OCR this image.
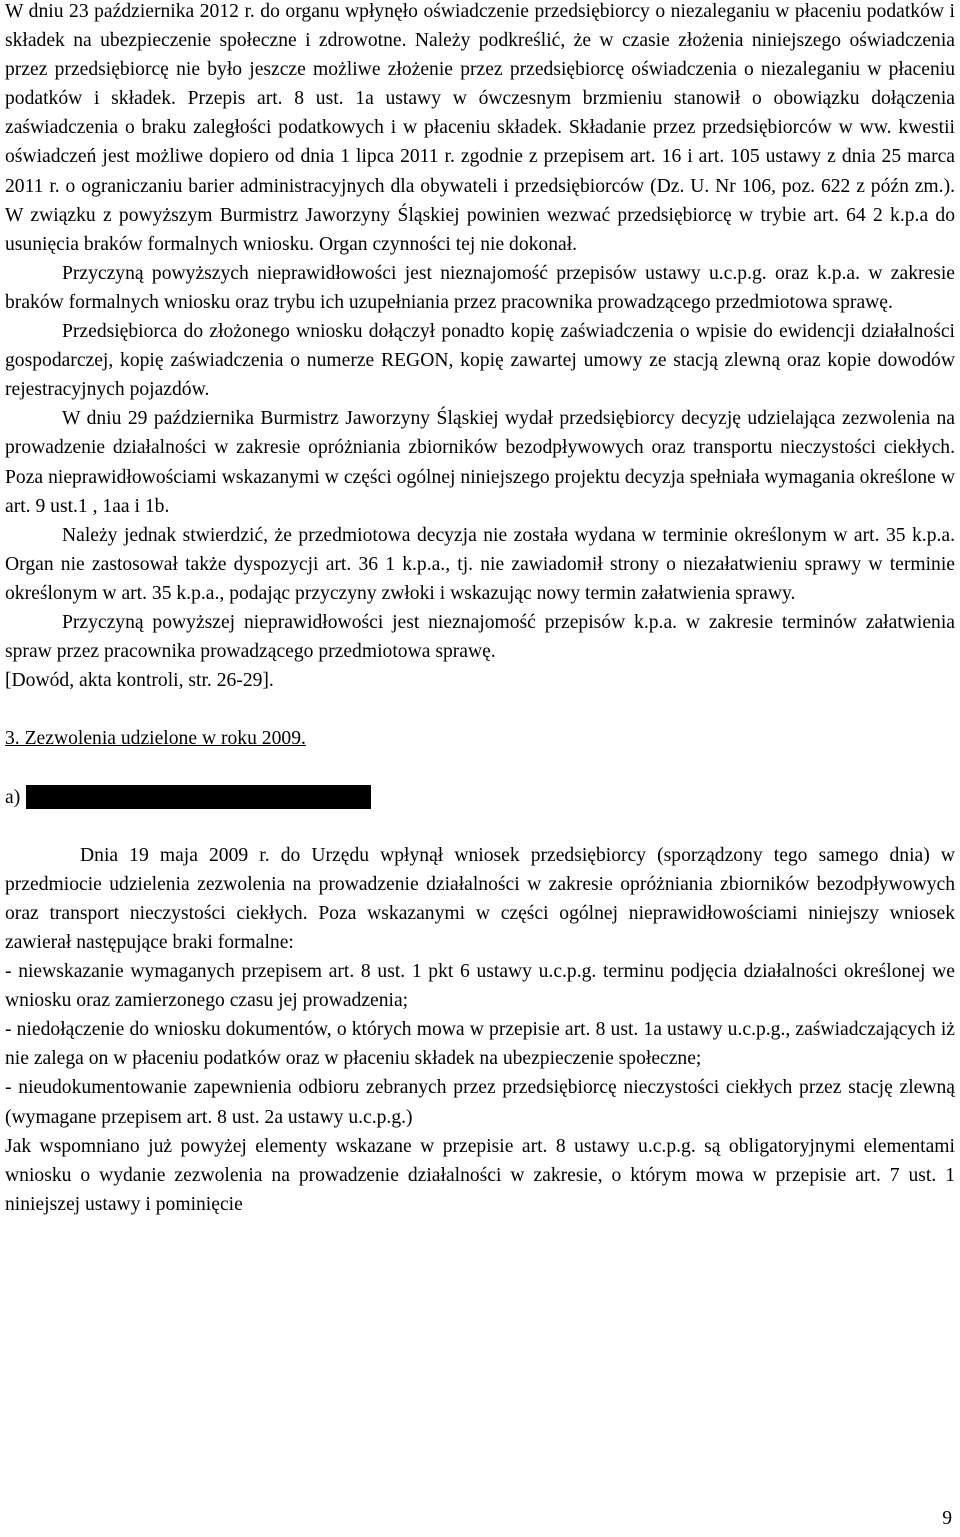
W dniu 23 października 2012 r. do organu wpłynęło oświadczenie przedsiębiorcy o niezaleganiu w płaceniu podatków i składek na ubezpieczenie społeczne i zdrowotne. Należy podkreślić, że w czasie złożenia niniejszego oświadczenia przez przedsiębiorcę nie było jeszcze możliwe złożenie przez przedsiębiorcę oświadczenia o niezaleganiu w płaceniu podatków i składek. Przepis art. 8 ust. 1a ustawy w ówczesnym brzmieniu stanowił o obowiązku dołączenia zaświadczenia o braku zaległości podatkowych i w płaceniu składek. Składanie przez przedsiębiorców w ww. kwestii oświadczeń jest możliwe dopiero od dnia 1 lipca 2011 r. zgodnie z przepisem art. 16 i art. 105 ustawy z dnia 25 marca 2011 r. o ograniczaniu barier administracyjnych dla obywateli i przedsiębiorców (Dz. U. Nr 106, poz. 622 z późn zm.). W związku z powyższym Burmistrz Jaworzyny Śląskiej powinien wezwać przedsiębiorcę w trybie art. 64 2 k.p.a do usunięcia braków formalnych wniosku. Organ czynności tej nie dokonał.

Przyczyną powyższych nieprawidłowości jest nieznajomość przepisów ustawy u.c.p.g. oraz k.p.a. w zakresie braków formalnych wniosku oraz trybu ich uzupełniania przez pracownika prowadzącego przedmiotowa sprawę.

Przedsiębiorca do złożonego wniosku dołączył ponadto kopię zaświadczenia o wpisie do ewidencji działalności gospodarczej, kopię zaświadczenia o numerze REGON, kopię zawartej umowy ze stacją zlewną oraz kopie dowodów rejestracyjnych pojazdów.

W dniu 29 października Burmistrz Jaworzyny Śląskiej wydał przedsiębiorcy decyzję udzielająca zezwolenia na prowadzenie działalności w zakresie opróżniania zbiorników bezodpływowych oraz transportu nieczystości ciekłych. Poza nieprawidłowościami wskazanymi w części ogólnej niniejszego projektu decyzja spełniała wymagania określone w art. 9 ust.1 , 1aa i 1b.

Należy jednak stwierdzić, że przedmiotowa decyzja nie została wydana w terminie określonym w art. 35 k.p.a. Organ nie zastosował także dyspozycji art. 36 1 k.p.a., tj. nie zawiadomił strony o niezałatwieniu sprawy w terminie określonym w art. 35 k.p.a., podając przyczyny zwłoki i wskazując nowy termin załatwienia sprawy.

Przyczyną powyższej nieprawidłowości jest nieznajomość przepisów k.p.a. w zakresie terminów załatwienia spraw przez pracownika prowadzącego przedmiotowa sprawę.

[Dowód, akta kontroli, str. 26-29].

3. Zezwolenia udzielone w roku 2009.

a)

Dnia 19 maja 2009 r. do Urzędu wpłynął wniosek przedsiębiorcy (sporządzony tego samego dnia) w przedmiocie udzielenia zezwolenia na prowadzenie działalności w zakresie opróżniania zbiorników bezodpływowych oraz transport nieczystości ciekłych. Poza wskazanymi w części ogólnej nieprawidłowościami niniejszy wniosek zawierał następujące braki formalne:

- niewskazanie wymaganych przepisem art. 8 ust. 1 pkt 6 ustawy u.c.p.g. terminu podjęcia działalności określonej we wniosku oraz zamierzonego czasu jej prowadzenia;

- niedołączenie do wniosku dokumentów, o których mowa w przepisie art. 8 ust. 1a ustawy u.c.p.g., zaświadczających iż nie zalega on w płaceniu podatków oraz w płaceniu składek na ubezpieczenie społeczne;

- nieudokumentowanie zapewnienia odbioru zebranych przez przedsiębiorcę nieczystości ciekłych przez stację zlewną (wymagane przepisem art. 8 ust. 2a ustawy u.c.p.g.)

Jak wspomniano już powyżej elementy wskazane w przepisie art. 8 ustawy u.c.p.g. są obligatoryjnymi elementami wniosku o wydanie zezwolenia na prowadzenie działalności w zakresie, o którym mowa w przepisie art. 7 ust. 1 niniejszej ustawy i pominięcie

9
